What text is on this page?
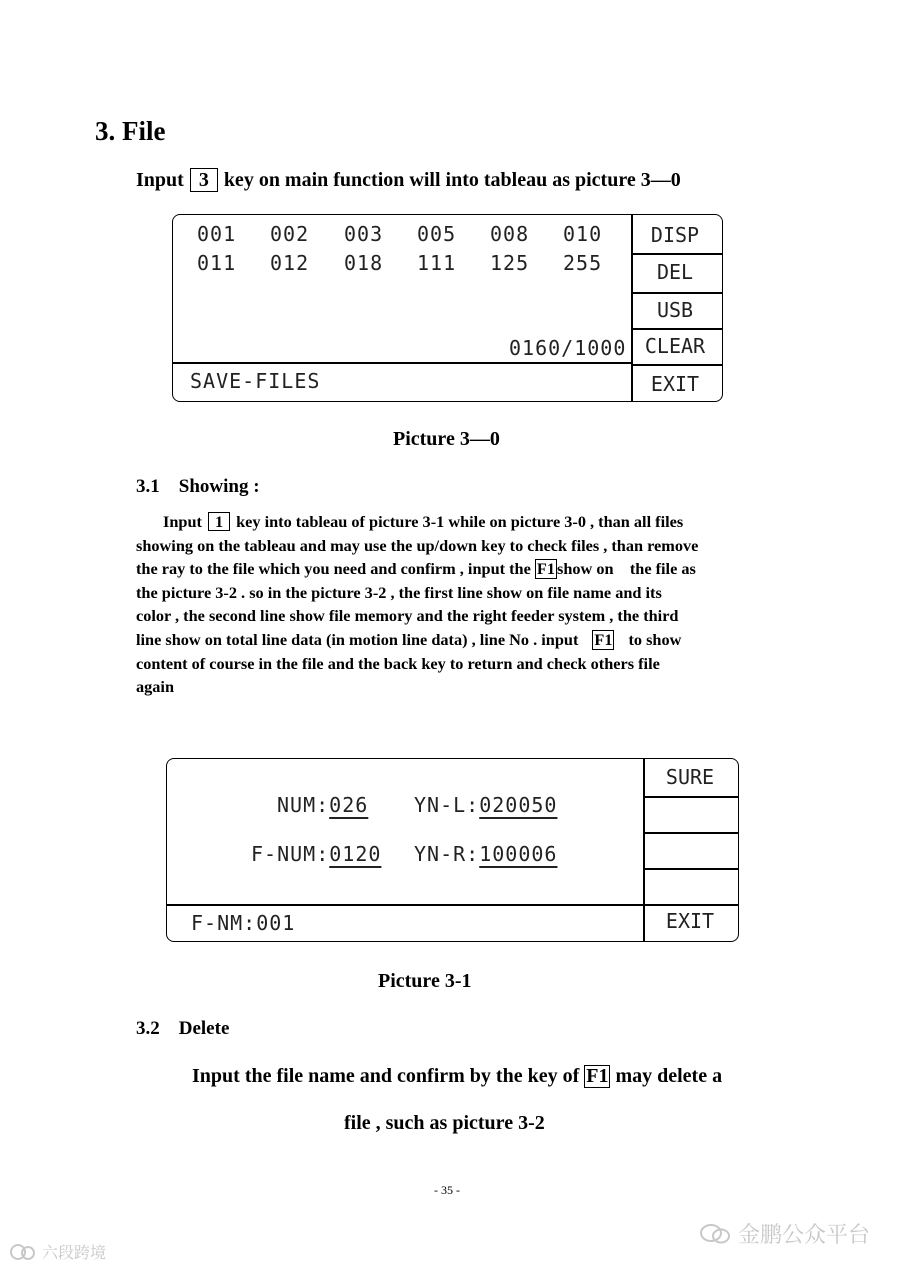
3. File
Input 3 key on main function will into tableau as picture 3—0
001 002 003 005 008 010
011 012 018 111 125 255
0160/1000
SAVE-FILES
DISP
DEL
USB
CLEAR
EXIT
Picture 3—0
3.1    Showing :
Input 1 key into tableau of picture 3-1 while on picture 3-0 , than all files
showing on the tableau and may use the up/down key to check files , than remove
the ray to the file which you need and confirm , input the F1 show on    the file as
the picture 3-2 . so in the picture 3-2 , the first line show on file name and its
color , the second line show file memory and the right feeder system , the third
line show on total line data (in motion line data) , line No . input F1 to show
content of course in the file and the back key to return and check others file
again
NUM:026 YN-L:020050
F-NUM:0120 YN-R:100006
F-NM:001
SURE
EXIT
Picture 3-1
3.2    Delete
Input the file name and confirm by the key of F1 may delete a
file , such as picture 3-2
- 35 -
六段跨境
金鹏公众平台
